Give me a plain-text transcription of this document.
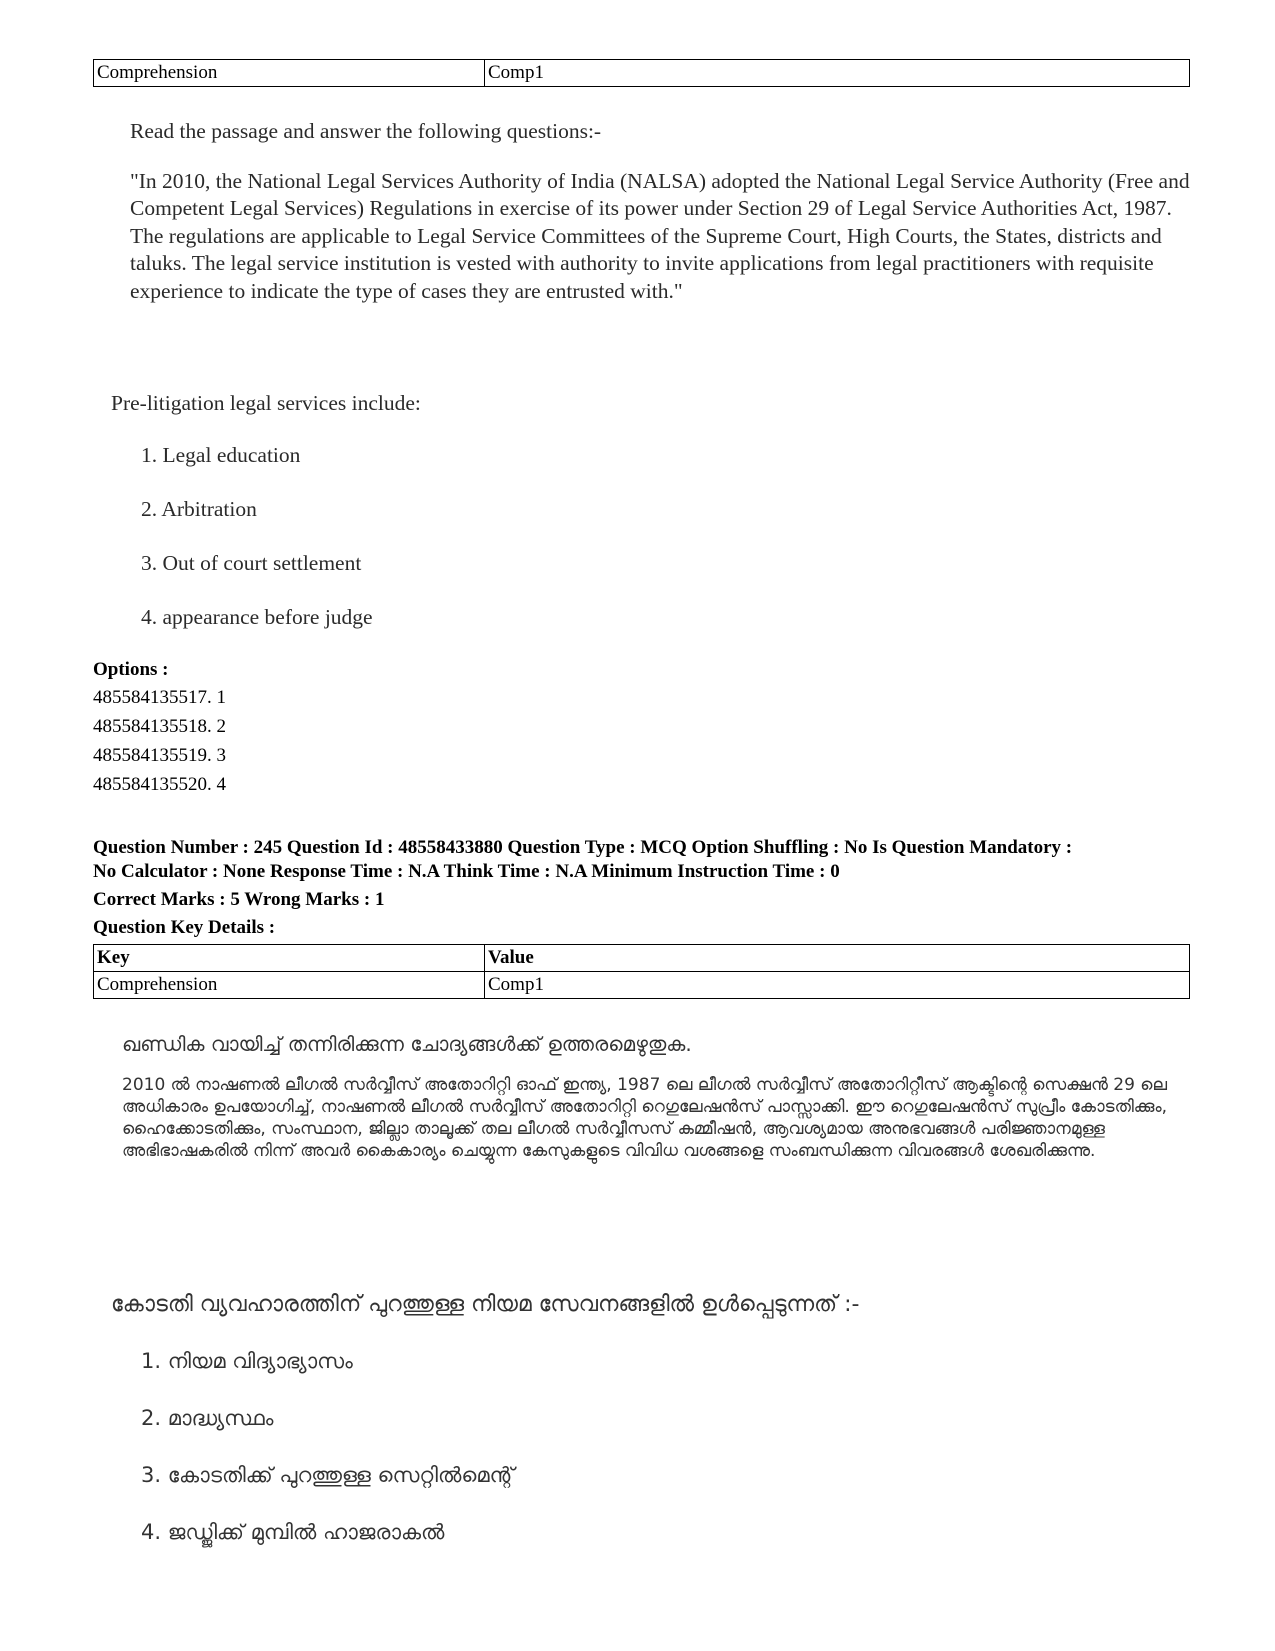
Comprehension	Comp1

Read the passage and answer the following questions:-

"In 2010, the National Legal Services Authority of India (NALSA) adopted the National Legal Service Authority (Free and Competent Legal Services) Regulations in exercise of its power under Section 29 of Legal Service Authorities Act, 1987. The regulations are applicable to Legal Service Committees of the Supreme Court, High Courts, the States, districts and taluks. The legal service institution is vested with authority to invite applications from legal practitioners with requisite experience to indicate the type of cases they are entrusted with."

Pre-litigation legal services include:
1. Legal education
2. Arbitration
3. Out of court settlement
4. appearance before judge
Options :
485584135517. 1
485584135518. 2
485584135519. 3
485584135520. 4
Question Number : 245 Question Id : 48558433880 Question Type : MCQ Option Shuffling : No Is Question Mandatory :
No Calculator : None Response Time : N.A Think Time : N.A Minimum Instruction Time : 0
Correct Marks : 5 Wrong Marks : 1
Question Key Details :
Key	Value
Comprehension	Comp1

ഖണ്ഡിക വായിച്ച് തന്നിരിക്കുന്ന ചോദ്യങ്ങൾക്ക് ഉത്തരമെഴുതുക.

2010 ൽ നാഷണൽ ലീഗൽ സർവ്വീസ് അതോറിറ്റി ഓഫ് ഇന്ത്യ, 1987 ലെ ലീഗൽ സർവ്വീസ് അതോറിറ്റീസ് ആക്ടിന്റെ സെക്ഷൻ 29 ലെ അധികാരം ഉപയോഗിച്ച്, നാഷണൽ ലീഗൽ സർവ്വീസ് അതോറിറ്റി റെഗുലേഷൻസ് പാസ്സാക്കി. ഈ റെഗുലേഷൻസ് സുപ്രീം കോടതിക്കും, ഹൈക്കോടതിക്കും, സംസ്ഥാന, ജില്ലാ താലൂക്ക് തല ലീഗൽ സർവ്വീസസ് കമ്മീഷൻ, ആവശ്യമായ അനുഭവങ്ങൾ പരിജ്ഞാനമുള്ള അഭിഭാഷകരിൽ നിന്ന് അവർ കൈകാര്യം ചെയ്യുന്ന കേസുകളുടെ വിവിധ വശങ്ങളെ സംബന്ധിക്കുന്ന വിവരങ്ങൾ ശേഖരിക്കുന്നു.

കോടതി വ്യവഹാരത്തിന് പുറത്തുള്ള നിയമ സേവനങ്ങളിൽ ഉൾപ്പെടുന്നത് :-
1. നിയമ വിദ്യാഭ്യാസം
2. മാദ്ധ്യസ്ഥം
3. കോടതിക്ക് പുറത്തുള്ള സെറ്റിൽമെന്റ്
4. ജഡ്ജിക്ക് മുമ്പിൽ ഹാജരാകൽ
